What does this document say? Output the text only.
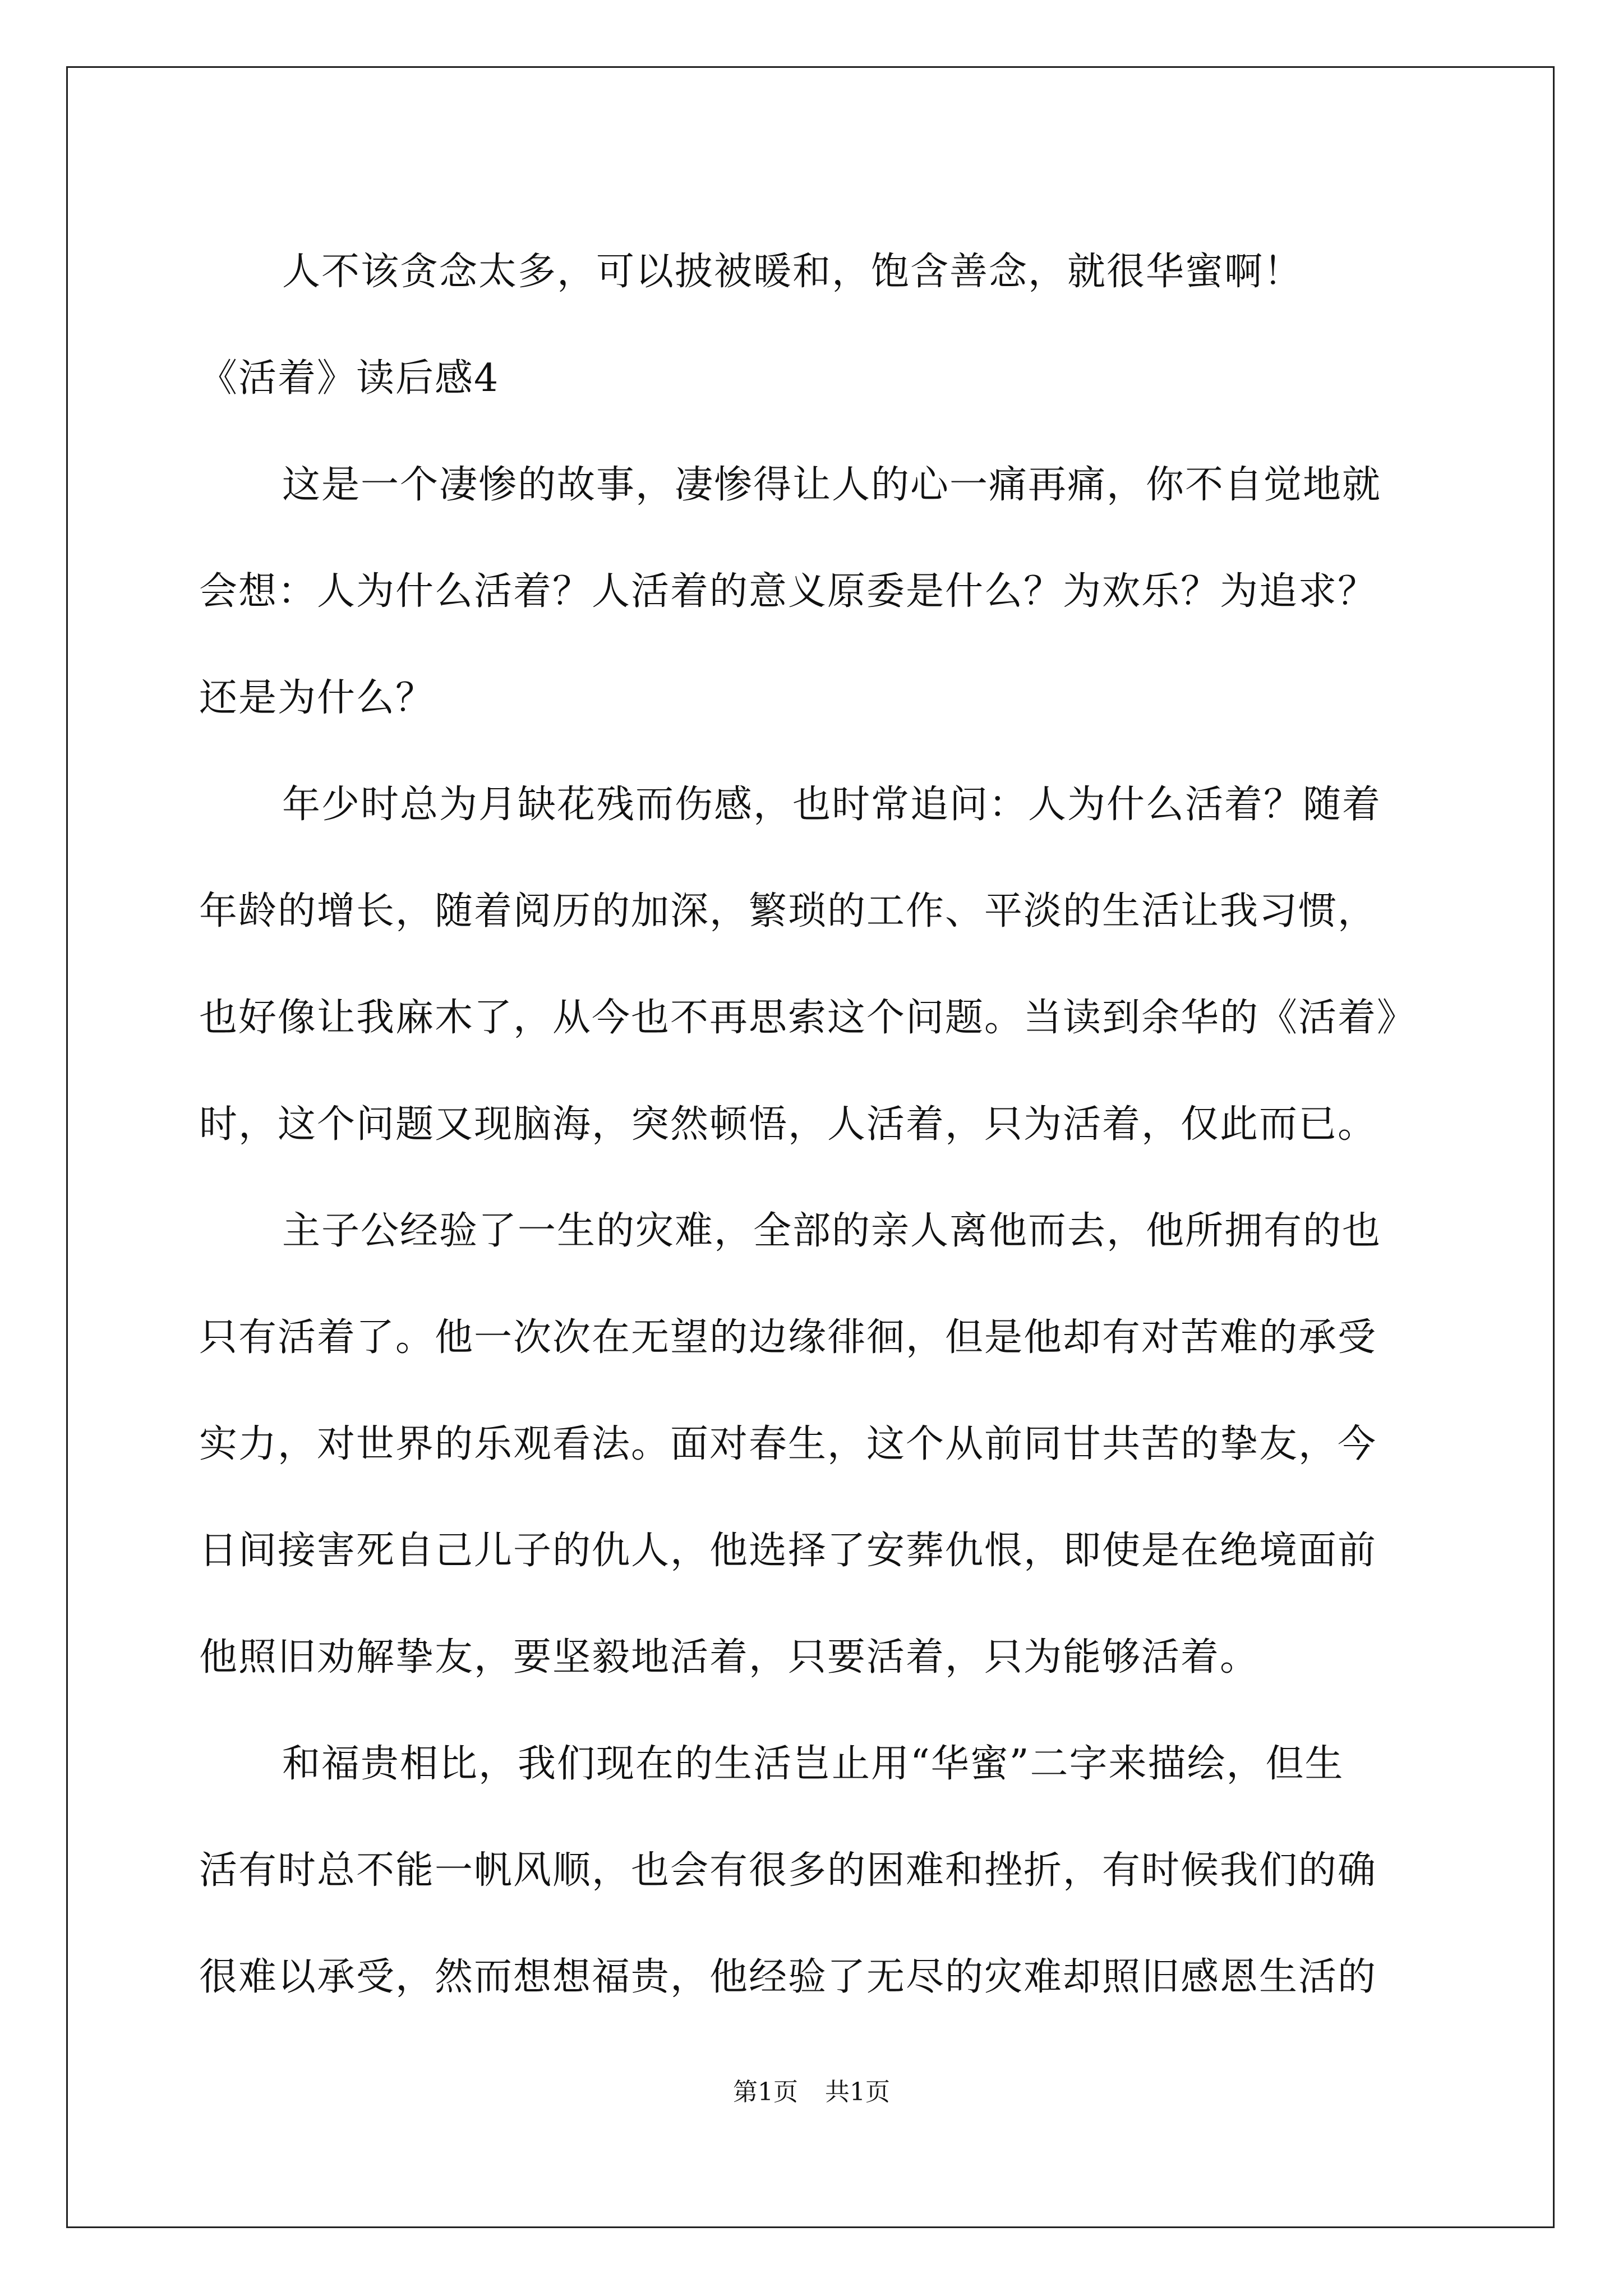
人不该贪念太多，可以披被暖和，饱含善念，就很华蜜啊！
《活着》读后感4
这是一个凄惨的故事，凄惨得让人的心一痛再痛，你不自觉地就
会想：人为什么活着？人活着的意义原委是什么？为欢乐？为追求？
还是为什么？
年少时总为月缺花残而伤感，也时常追问：人为什么活着？随着
年龄的增长，随着阅历的加深，繁琐的工作、平淡的生活让我习惯，
也好像让我麻木了，从今也不再思索这个问题。当读到余华的《活着》
时，这个问题又现脑海，突然顿悟，人活着，只为活着，仅此而已。
主子公经验了一生的灾难，全部的亲人离他而去，他所拥有的也
只有活着了。他一次次在无望的边缘徘徊，但是他却有对苦难的承受
实力，对世界的乐观看法。面对春生，这个从前同甘共苦的挚友，今
日间接害死自己儿子的仇人，他选择了安葬仇恨，即使是在绝境面前
他照旧劝解挚友，要坚毅地活着，只要活着，只为能够活着。
和福贵相比，我们现在的生活岂止用“华蜜”二字来描绘，但生
活有时总不能一帆风顺，也会有很多的困难和挫折，有时候我们的确
很难以承受，然而想想福贵，他经验了无尽的灾难却照旧感恩生活的
第1页 共1页
